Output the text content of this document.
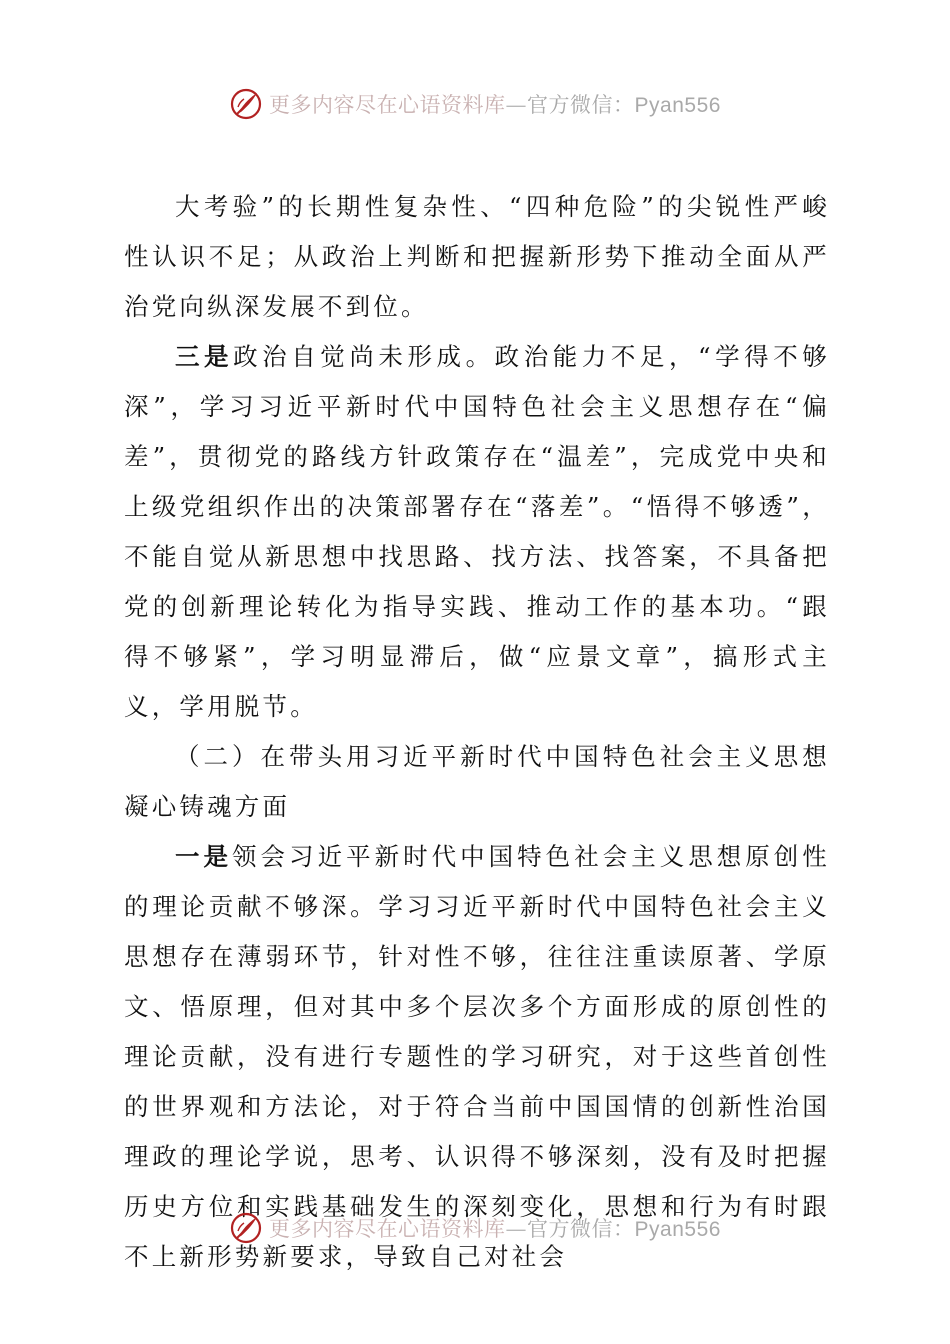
更多内容尽在心语资料库—官方微信：Pyan556

大考验”的长期性复杂性、“四种危险”的尖锐性严峻性认识不足；从政治上判断和把握新形势下推动全面从严治党向纵深发展不到位。

三是政治自觉尚未形成。政治能力不足，“学得不够深”，学习习近平新时代中国特色社会主义思想存在“偏差”，贯彻党的路线方针政策存在“温差”，完成党中央和上级党组织作出的决策部署存在“落差”。“悟得不够透”，不能自觉从新思想中找思路、找方法、找答案，不具备把党的创新理论转化为指导实践、推动工作的基本功。“跟得不够紧”，学习明显滞后，做“应景文章”，搞形式主义，学用脱节。

（二）在带头用习近平新时代中国特色社会主义思想凝心铸魂方面

一是领会习近平新时代中国特色社会主义思想原创性的理论贡献不够深。学习习近平新时代中国特色社会主义思想存在薄弱环节，针对性不够，往往注重读原著、学原文、悟原理，但对其中多个层次多个方面形成的原创性的理论贡献，没有进行专题性的学习研究，对于这些首创性的世界观和方法论，对于符合当前中国国情的创新性治国理政的理论学说，思考、认识得不够深刻，没有及时把握历史方位和实践基础发生的深刻变化，思想和行为有时跟不上新形势新要求，导致自己对社会

更多内容尽在心语资料库—官方微信：Pyan556
